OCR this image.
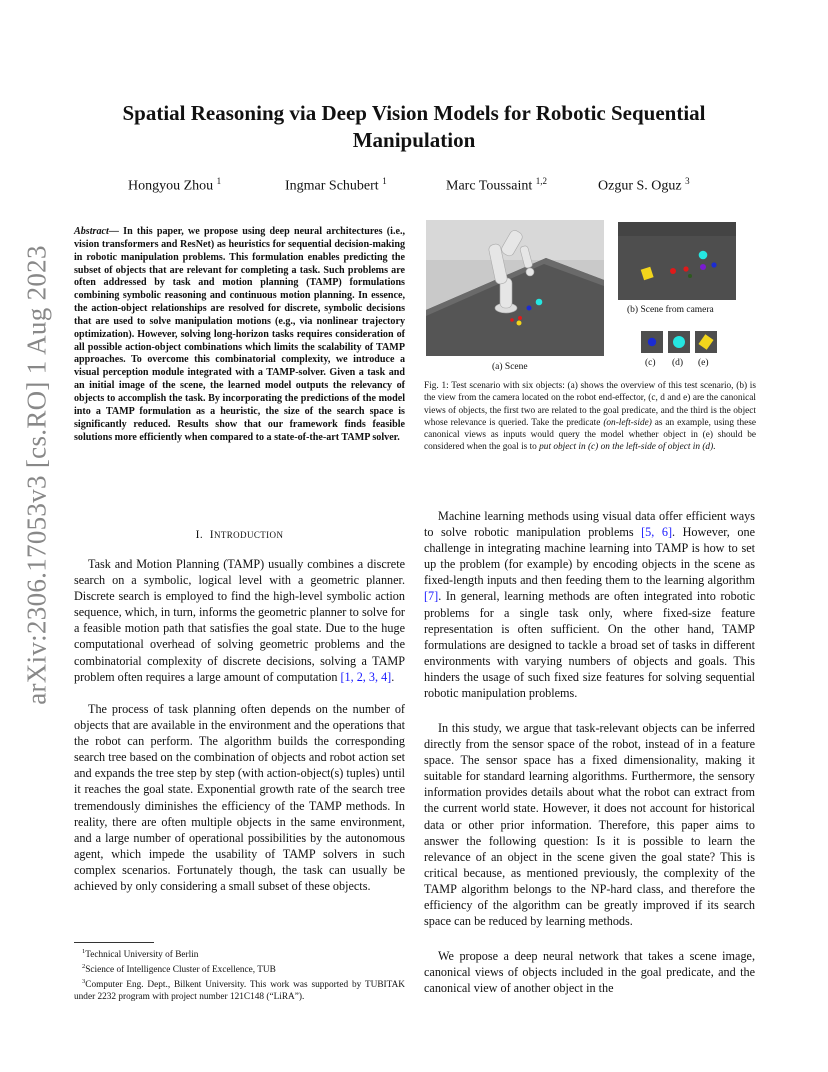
arXiv:2306.17053v3 [cs.RO] 1 Aug 2023
Spatial Reasoning via Deep Vision Models for Robotic Sequential Manipulation
Hongyou Zhou $^1$	Ingmar Schubert $^1$	Marc Toussaint $^{1,2}$	Ozgur S. Oguz $^3$
Abstract— In this paper, we propose using deep neural architectures (i.e., vision transformers and ResNet) as heuristics for sequential decision-making in robotic manipulation problems. This formulation enables predicting the subset of objects that are relevant for completing a task. Such problems are often addressed by task and motion planning (TAMP) formulations combining symbolic reasoning and continuous motion planning. In essence, the action-object relationships are resolved for discrete, symbolic decisions that are used to solve manipulation motions (e.g., via nonlinear trajectory optimization). However, solving long-horizon tasks requires consideration of all possible action-object combinations which limits the scalability of TAMP approaches. To overcome this combinatorial complexity, we introduce a visual perception module integrated with a TAMP-solver. Given a task and an initial image of the scene, the learned model outputs the relevancy of objects to accomplish the task. By incorporating the predictions of the model into a TAMP formulation as a heuristic, the size of the search space is significantly reduced. Results show that our framework finds feasible solutions more efficiently when compared to a state-of-the-art TAMP solver.
I. INTRODUCTION

Task and Motion Planning (TAMP) usually combines a discrete search on a symbolic, logical level with a geometric planner. Discrete search is employed to find the high-level symbolic action sequence, which, in turn, informs the geometric planner to solve for a feasible motion path that satisfies the goal state. Due to the huge computational overhead of solving geometric problems and the combinatorial complexity of discrete decisions, solving a TAMP problem often requires a large amount of computation [1, 2, 3, 4].

The process of task planning often depends on the number of objects that are available in the environment and the operations that the robot can perform. The algorithm builds the corresponding search tree based on the combination of objects and robot action set and expands the tree step by step (with action-object(s) tuples) until it reaches the goal state. Exponential growth rate of the search tree tremendously diminishes the efficiency of the TAMP methods. In reality, there are often multiple objects in the same environment, and a large number of operational possibilities by the autonomous agent, which impede the usability of TAMP solvers in such complex scenarios. Fortunately though, the task can usually be achieved by only considering a small subset of these objects.

$^1$Technical University of Berlin

$^2$Science of Intelligence Cluster of Excellence, TUB

$^3$Computer Eng. Dept., Bilkent University. This work was supported by TUBITAK under 2232 program with project number 121C148 (“LiRA”).

(a) Scene
(b) Scene from camera
(c) (d) (e)
Fig. 1: Test scenario with six objects: (a) shows the overview of this test scenario, (b) is the view from the camera located on the robot end-effector, (c, d and e) are the canonical views of objects, the first two are related to the goal predicate, and the third is the object whose relevance is queried. Take the predicate (on-left-side) as an example, using these canonical views as inputs would query the model whether object in (e) should be considered when the goal is to put object in (c) on the left-side of object in (d).

Machine learning methods using visual data offer efficient ways to solve robotic manipulation problems [5, 6]. However, one challenge in integrating machine learning into TAMP is how to set up the problem (for example) by encoding objects in the scene as fixed-length inputs and then feeding them to the learning algorithm [7]. In general, learning methods are often integrated into robotic problems for a single task only, where fixed-size feature representation is often sufficient. On the other hand, TAMP formulations are designed to tackle a broad set of tasks in different environments with varying numbers of objects and goals. This hinders the usage of such fixed size features for solving sequential robotic manipulation problems.

In this study, we argue that task-relevant objects can be inferred directly from the sensor space of the robot, instead of in a feature space. The sensor space has a fixed dimensionality, making it suitable for standard learning algorithms. Furthermore, the sensory information provides details about what the robot can extract from the current world state. However, it does not account for historical data or other prior information. Therefore, this paper aims to answer the following question: Is it is possible to learn the relevance of an object in the scene given the goal state? This is critical because, as mentioned previously, the complexity of the TAMP algorithm belongs to the NP-hard class, and therefore the efficiency of the algorithm can be greatly improved if its search space can be reduced by learning methods.

We propose a deep neural network that takes a scene image, canonical views of objects included in the goal predicate, and the canonical view of another object in the
